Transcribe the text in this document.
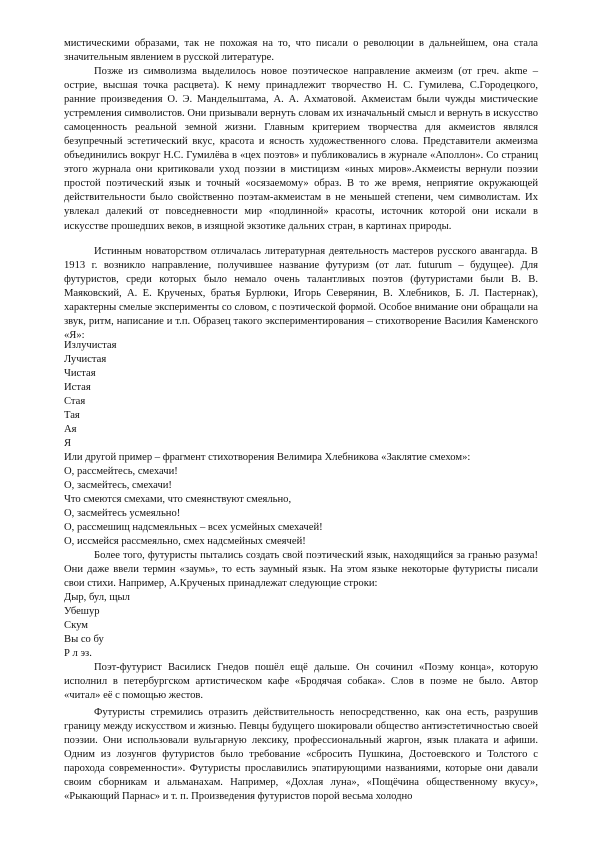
мистическими образами, так не похожая на то, что писали о революции в дальнейшем, она стала значительным явлением в русской литературе.

Позже из символизма выделилось новое поэтическое направление акмеизм (от греч. akme – острие, высшая точка расцвета). К нему принадлежит творчество Н. С. Гумилева, С.Городецкого, ранние произведения О. Э. Мандельштама, А. А. Ахматовой. Акмеистам были чужды мистические устремления символистов. Они призывали вернуть словам их изначальный смысл и вернуть в искусство самоценность реальной земной жизни. Главным критерием творчества для акмеистов являлся безупречный эстетический вкус, красота и ясность художественного слова. Представители акмеизма объединились вокруг Н.С. Гумилёва в «цех поэтов» и публиковались в журнале «Аполлон». Со страниц этого журнала они критиковали уход поэзии в мистицизм «иных миров».Акмеисты вернули поэзии простой поэтический язык и точный «осязаемому» образ. В то же время, неприятие окружающей действительности было свойственно поэтам-акмеистам в не меньшей степени, чем символистам. Их увлекал далекий от повседневности мир «подлинной» красоты, источник которой они искали в искусстве прошедших веков, в изящной экзотике дальних стран, в картинах природы.

Истинным новаторством отличалась литературная деятельность мастеров русского авангарда. В 1913 г. возникло направление, получившее название футуризм (от лат. futurum – будущее). Для футуристов, среди которых было немало очень талантливых поэтов (футуристами были В. В. Маяковский, А. Е. Крученых, братья Бурлюки, Игорь Северянин, В. Хлебников, Б. Л. Пастернак), характерны смелые эксперименты со словом, с поэтической формой. Особое внимание они обращали на звук, ритм, написание и т.п. Образец такого экспериментирования – стихотворение Василия Каменского «Я»:

Излучистая

Лучистая

Чистая

Истая

Стая

Тая

Ая

Я

Или другой пример – фрагмент стихотворения Велимира Хлебникова «Заклятие смехом»:

О, рассмейтесь, смехачи!

О, засмейтесь, смехачи!

Что смеются смехами, что смеянствуют смеяльно,

О, засмейтесь усмеяльно!

О, рассмешищ надсмеяльных – всех усмейных смехачей!

О, иссмейся рассмеяльно, смех надсмейных смеячей!

Более того, футуристы пытались создать свой поэтический язык, находящийся за гранью разума! Они даже ввели термин «заумь», то есть заумный язык. На этом языке некоторые футуристы писали свои стихи. Например, А.Крученых принадлежат следующие строки:

Дыр, бул, щыл

Убешур

Скум

Вы со бу

Р л эз.

Поэт-футурист Василиск Гнедов пошёл ещё дальше. Он сочинил «Поэму конца», которую исполнил в петербургском артистическом кафе «Бродячая собака». Слов в поэме не было. Автор «читал» её с помощью жестов.

Футуристы стремились отразить действительность непосредственно, как она есть, разрушив границу между искусством и жизнью. Певцы будущего шокировали общество антиэстетичностью своей поэзии. Они использовали вульгарную лексику, профессиональный жаргон, язык плаката и афиши. Одним из лозунгов футуристов было требование «сбросить Пушкина, Достоевского и Толстого с парохода современности». Футуристы прославились эпатирующими названиями, которые они давали своим сборникам и альманахам. Например, «Дохлая луна», «Пощёчина общественному вкусу», «Рыкающий Парнас» и т. п. Произведения футуристов порой весьма холодно
